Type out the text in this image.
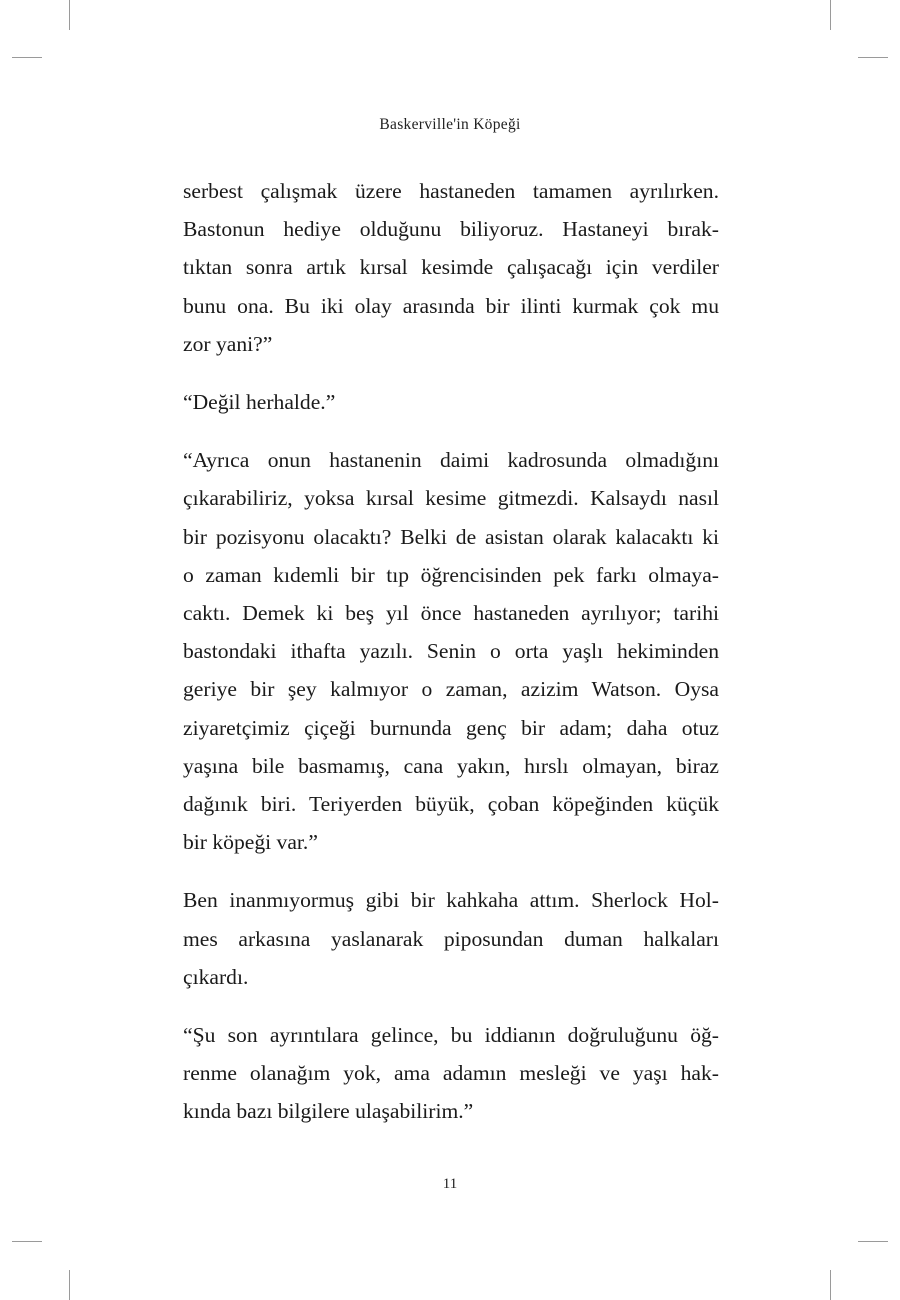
Baskerville'in Köpeği

serbest çalışmak üzere hastaneden tamamen ayrılırken.
Bastonun hediye olduğunu biliyoruz. Hastaneyi bırak-
tıktan sonra artık kırsal kesimde çalışacağı için verdiler
bunu ona. Bu iki olay arasında bir ilinti kurmak çok mu
zor yani?”

“Değil herhalde.”

“Ayrıca onun hastanenin daimi kadrosunda olmadığını
çıkarabiliriz, yoksa kırsal kesime gitmezdi. Kalsaydı nasıl
bir pozisyonu olacaktı? Belki de asistan olarak kalacaktı ki
o zaman kıdemli bir tıp öğrencisinden pek farkı olmaya-
caktı. Demek ki beş yıl önce hastaneden ayrılıyor; tarihi
bastondaki ithafta yazılı. Senin o orta yaşlı hekiminden
geriye bir şey kalmıyor o zaman, azizim Watson. Oysa
ziyaretçimiz çiçeği burnunda genç bir adam; daha otuz
yaşına bile basmamış, cana yakın, hırslı olmayan, biraz
dağınık biri. Teriyerden büyük, çoban köpeğinden küçük
bir köpeği var.”

Ben inanmıyormuş gibi bir kahkaha attım. Sherlock Hol-
mes arkasına yaslanarak piposundan duman halkaları
çıkardı.

“Şu son ayrıntılara gelince, bu iddianın doğruluğunu öğ-
renme olanağım yok, ama adamın mesleği ve yaşı hak-
kında bazı bilgilere ulaşabilirim.”

11
